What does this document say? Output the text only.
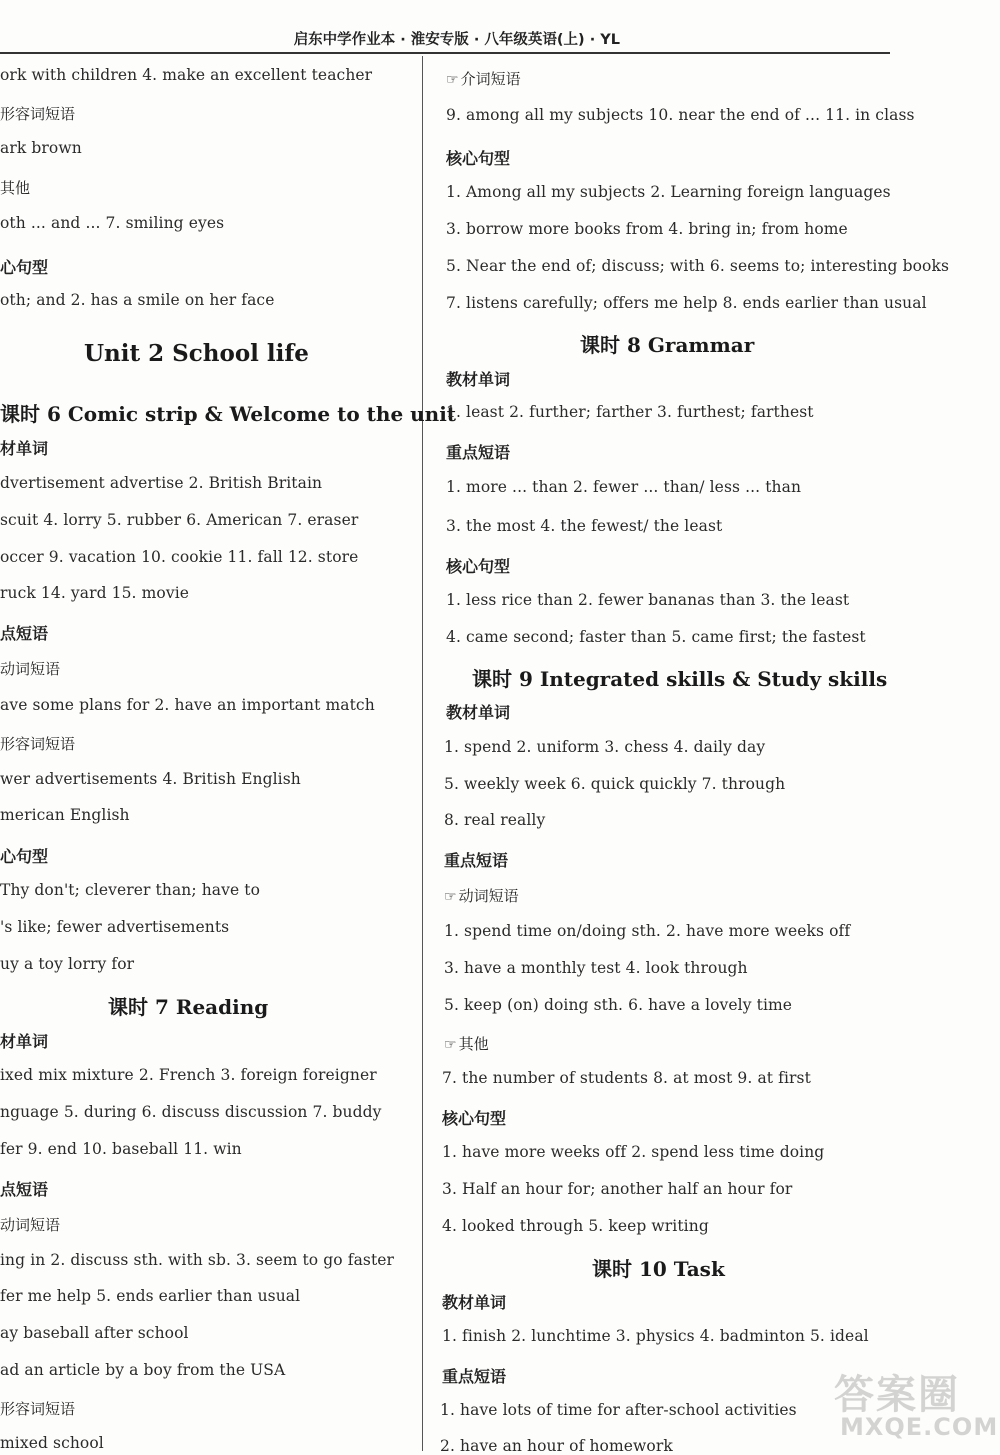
启东中学作业本 · 淮安专版 · 八年级英语(上) · YL
ork with children 4. make an excellent teacher
形容词短语
ark brown
其他
oth ... and ... 7. smiling eyes
心句型
oth; and 2. has a smile on her face
Unit 2 School life
课时 6 Comic strip & Welcome to the unit
材单词
dvertisement advertise 2. British Britain
scuit 4. lorry 5. rubber 6. American 7. eraser
occer 9. vacation 10. cookie 11. fall 12. store
ruck 14. yard 15. movie
点短语
动词短语
ave some plans for 2. have an important match
形容词短语
wer advertisements 4. British English
merican English
心句型
Thy don't; cleverer than; have to
's like; fewer advertisements
uy a toy lorry for
课时 7 Reading
材单词
ixed mix mixture 2. French 3. foreign foreigner
nguage 5. during 6. discuss discussion 7. buddy
fer 9. end 10. baseball 11. win
点短语
动词短语
ing in 2. discuss sth. with sb. 3. seem to go faster
fer me help 5. ends earlier than usual
ay baseball after school
ad an article by a boy from the USA
形容词短语
mixed school
☞ 介词短语
9. among all my subjects 10. near the end of ... 11. in class
核心句型
1. Among all my subjects 2. Learning foreign languages
3. borrow more books from 4. bring in; from home
5. Near the end of; discuss; with 6. seems to; interesting books
7. listens carefully; offers me help 8. ends earlier than usual
课时 8 Grammar
教材单词
1. least 2. further; farther 3. furthest; farthest
重点短语
1. more ... than 2. fewer ... than/ less ... than
3. the most 4. the fewest/ the least
核心句型
1. less rice than 2. fewer bananas than 3. the least
4. came second; faster than 5. came first; the fastest
课时 9 Integrated skills & Study skills
教材单词
1. spend 2. uniform 3. chess 4. daily day
5. weekly week 6. quick quickly 7. through
8. real really
重点短语
☞ 动词短语
1. spend time on/doing sth. 2. have more weeks off
3. have a monthly test 4. look through
5. keep (on) doing sth. 6. have a lovely time
☞ 其他
7. the number of students 8. at most 9. at first
核心句型
1. have more weeks off 2. spend less time doing
3. Half an hour for; another half an hour for
4. looked through 5. keep writing
课时 10 Task
教材单词
1. finish 2. lunchtime 3. physics 4. badminton 5. ideal
重点短语
1. have lots of time for after-school activities
2. have an hour of homework
答案圈
MXQE.COM
